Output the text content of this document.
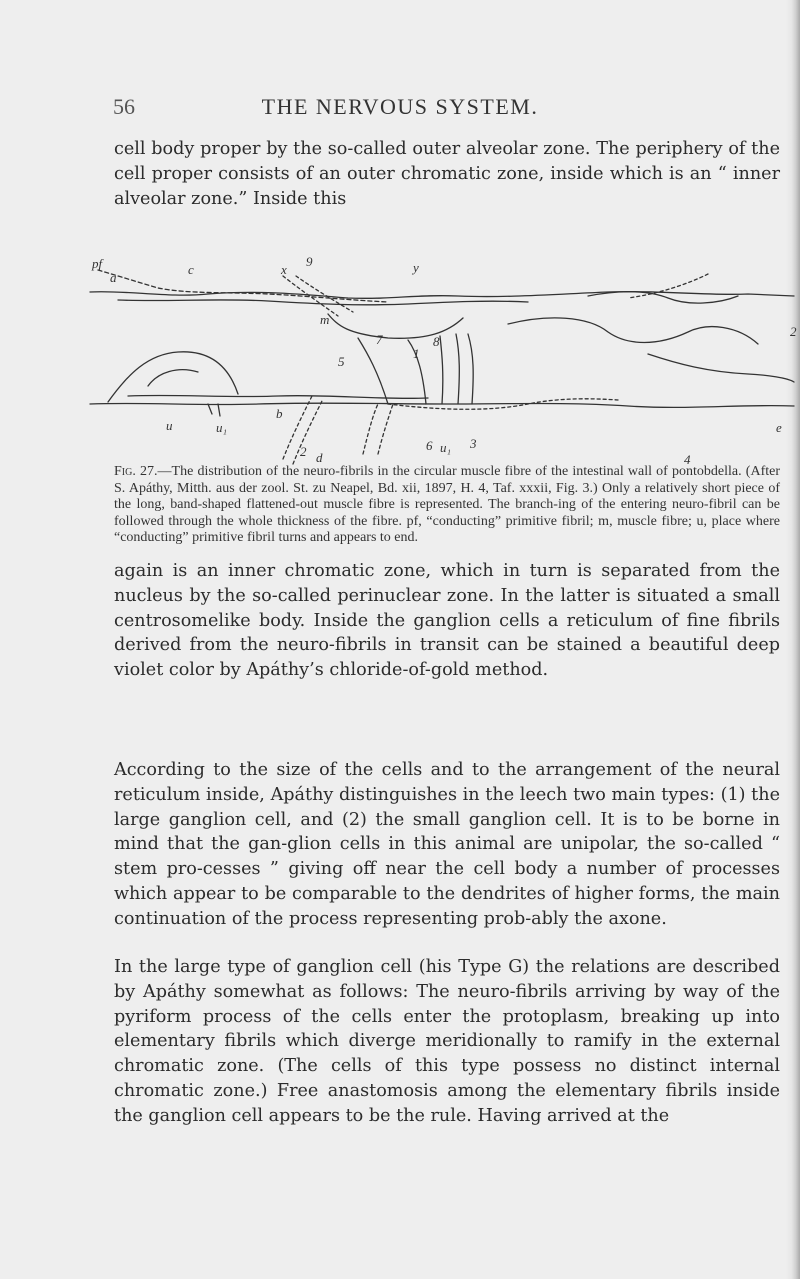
56	THE NERVOUS SYSTEM.
cell body proper by the so-called outer alveolar zone. The periphery of the cell proper consists of an outer chromatic zone, inside which is an “ inner alveolar zone.” Inside this
pf
a
c	x
9	y
m
8
2
5
7
1
u	u₁
b
e
2 d
6 u₁ 3
4
Fig. 27.—The distribution of the neuro-fibrils in the circular muscle fibre of the intestinal wall of pontobdella. (After S. Apáthy, Mitth. aus der zool. St. zu Neapel, Bd. xii, 1897, H. 4, Taf. xxxii, Fig. 3.) Only a relatively short piece of the long, band-shaped flattened-out muscle fibre is represented. The branch-ing of the entering neuro-fibril can be followed through the whole thickness of the fibre. pf, “conducting” primitive fibril; m, muscle fibre; u, place where “conducting” primitive fibril turns and appears to end.
again is an inner chromatic zone, which in turn is separated from the nucleus by the so-called perinuclear zone. In the latter is situated a small centrosomelike body. Inside the ganglion cells a reticulum of fine fibrils derived from the neuro-fibrils in transit can be stained a beautiful deep violet color by Apáthy’s chloride-of-gold method.
According to the size of the cells and to the arrangement of the neural reticulum inside, Apáthy distinguishes in the leech two main types: (1) the large ganglion cell, and (2) the small ganglion cell. It is to be borne in mind that the gan-glion cells in this animal are unipolar, the so-called “ stem pro-cesses ” giving off near the cell body a number of processes which appear to be comparable to the dendrites of higher forms, the main continuation of the process representing prob-ably the axone.
In the large type of ganglion cell (his Type G) the relations are described by Apáthy somewhat as follows: The neuro-fibrils arriving by way of the pyriform process of the cells enter the protoplasm, breaking up into elementary fibrils which diverge meridionally to ramify in the external chromatic zone. (The cells of this type possess no distinct internal chromatic zone.) Free anastomosis among the elementary fibrils inside the ganglion cell appears to be the rule. Having arrived at the
